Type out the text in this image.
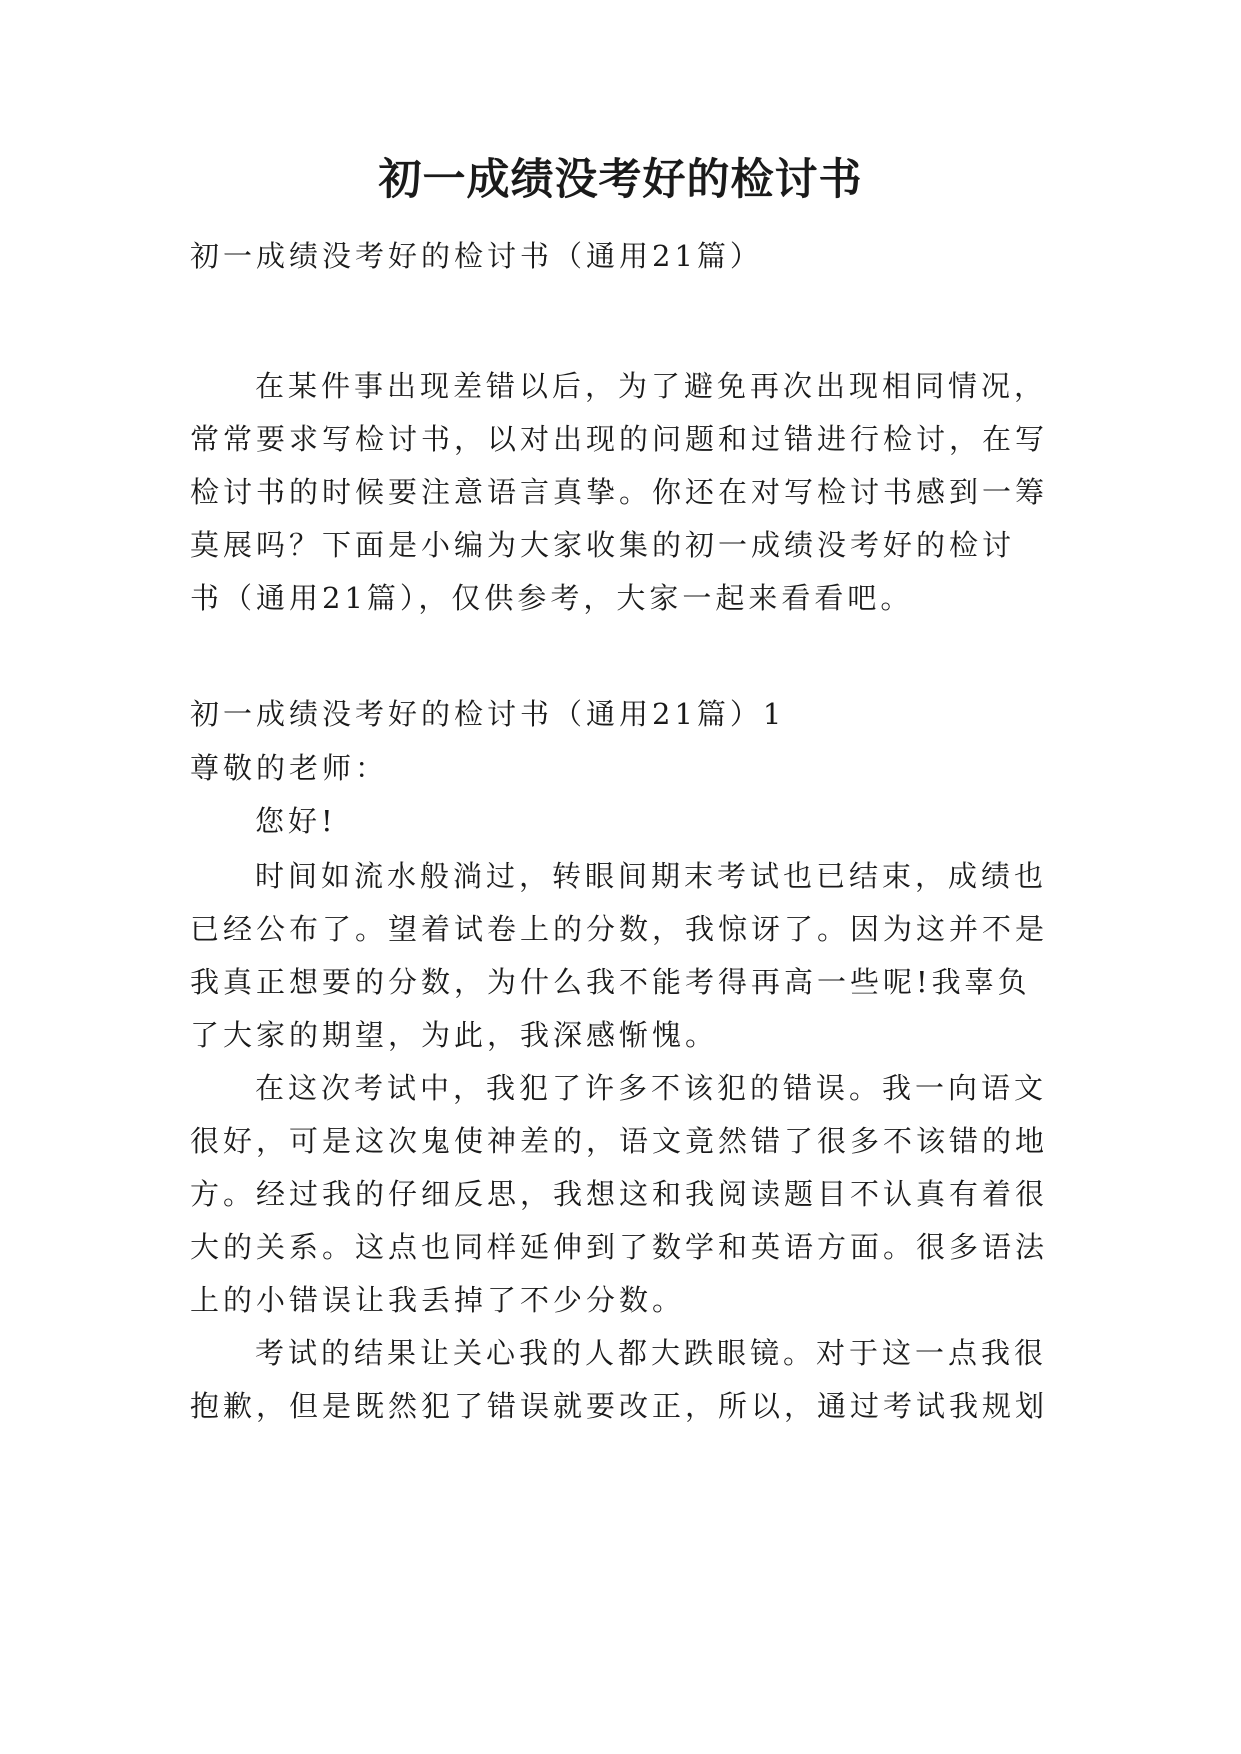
初一成绩没考好的检讨书

初一成绩没考好的检讨书（通用21篇）

在某件事出现差错以后，为了避免再次出现相同情况，

常常要求写检讨书，以对出现的问题和过错进行检讨，在写

检讨书的时候要注意语言真挚。你还在对写检讨书感到一筹

莫展吗？下面是小编为大家收集的初一成绩没考好的检讨

书（通用21篇），仅供参考，大家一起来看看吧。

初一成绩没考好的检讨书（通用21篇）1

尊敬的老师：

您好!

时间如流水般淌过，转眼间期末考试也已结束，成绩也

已经公布了。望着试卷上的分数，我惊讶了。因为这并不是

我真正想要的分数，为什么我不能考得再高一些呢!我辜负

了大家的期望，为此，我深感惭愧。

在这次考试中，我犯了许多不该犯的错误。我一向语文

很好，可是这次鬼使神差的，语文竟然错了很多不该错的地

方。经过我的仔细反思，我想这和我阅读题目不认真有着很

大的关系。这点也同样延伸到了数学和英语方面。很多语法

上的小错误让我丢掉了不少分数。

考试的结果让关心我的人都大跌眼镜。对于这一点我很

抱歉，但是既然犯了错误就要改正，所以，通过考试我规划
